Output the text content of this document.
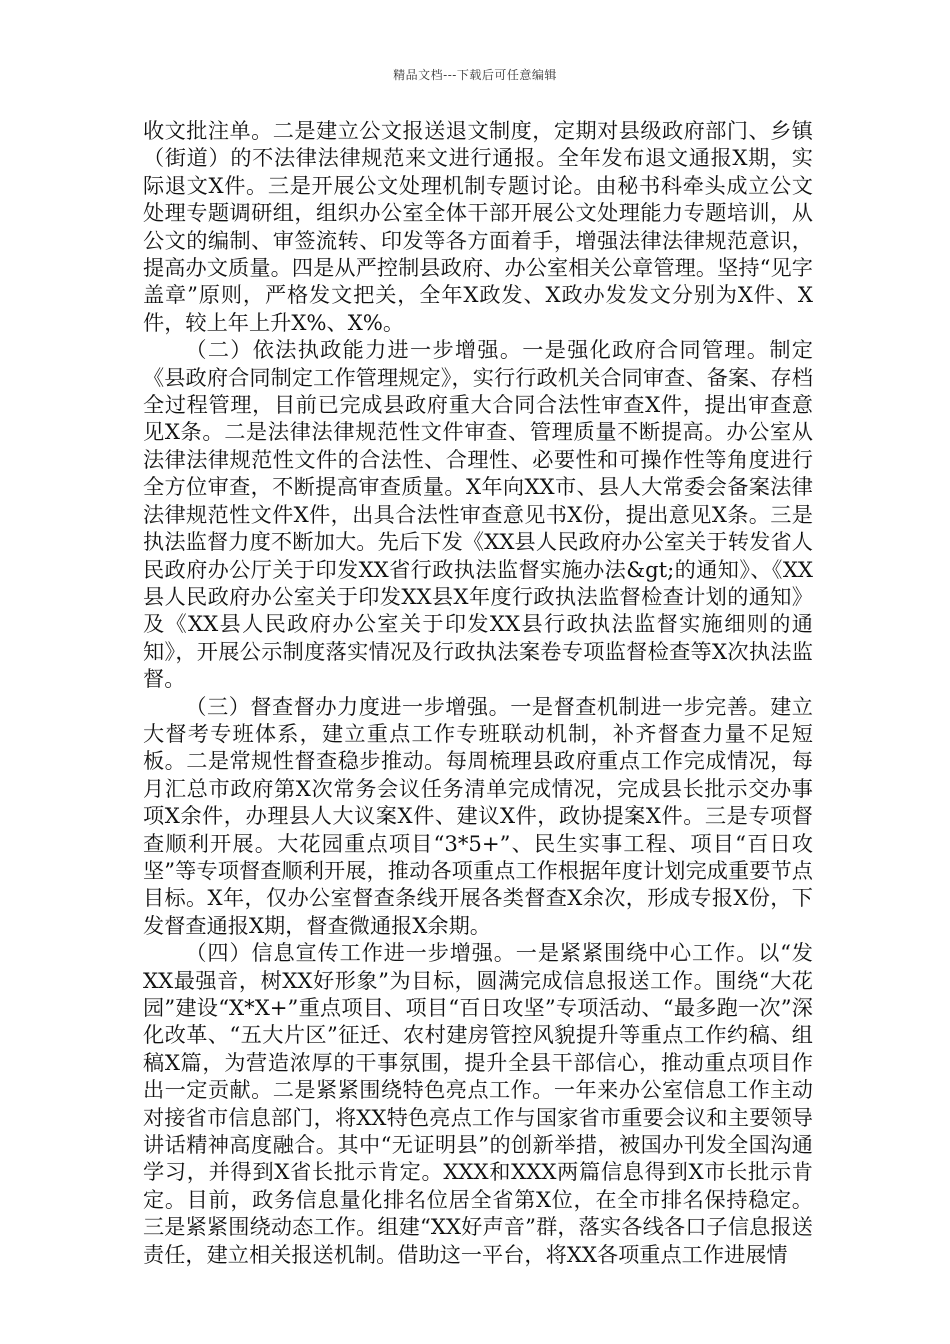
精品文档---下载后可任意编辑

收文批注单。二是建立公文报送退文制度，定期对县级政府部门、乡镇（街道）的不法律法律规范来文进行通报。全年发布退文通报X期，实际退文X件。三是开展公文处理机制专题讨论。由秘书科牵头成立公文处理专题调研组，组织办公室全体干部开展公文处理能力专题培训，从公文的编制、审签流转、印发等各方面着手，增强法律法律规范意识，提高办文质量。四是从严控制县政府、办公室相关公章管理。坚持“见字盖章”原则，严格发文把关，全年X政发、X政办发发文分别为X件、X件，较上年上升X%、X%。

（二）依法执政能力进一步增强。一是强化政府合同管理。制定《县政府合同制定工作管理规定》，实行行政机关合同审查、备案、存档全过程管理，目前已完成县政府重大合同合法性审查X件，提出审查意见X条。二是法律法律规范性文件审查、管理质量不断提高。办公室从法律法律规范性文件的合法性、合理性、必要性和可操作性等角度进行全方位审查，不断提高审查质量。X年向XX市、县人大常委会备案法律法律规范性文件X件，出具合法性审查意见书X份，提出意见X条。三是执法监督力度不断加大。先后下发《XX县人民政府办公室关于转发省人民政府办公厅关于印发XX省行政执法监督实施办法&gt;的通知》、《XX县人民政府办公室关于印发XX县X年度行政执法监督检查计划的通知》及《XX县人民政府办公室关于印发XX县行政执法监督实施细则的通知》，开展公示制度落实情况及行政执法案卷专项监督检查等X次执法监督。

（三）督查督办力度进一步增强。一是督查机制进一步完善。建立大督考专班体系，建立重点工作专班联动机制，补齐督查力量不足短板。二是常规性督查稳步推动。每周梳理县政府重点工作完成情况，每月汇总市政府第X次常务会议任务清单完成情况，完成县长批示交办事项X余件，办理县人大议案X件、建议X件，政协提案X件。三是专项督查顺利开展。大花园重点项目“3*5+”、民生实事工程、项目“百日攻坚”等专项督查顺利开展，推动各项重点工作根据年度计划完成重要节点目标。X年，仅办公室督查条线开展各类督查X余次，形成专报X份，下发督查通报X期，督查微通报X余期。

（四）信息宣传工作进一步增强。一是紧紧围绕中心工作。以“发XX最强音，树XX好形象”为目标，圆满完成信息报送工作。围绕“大花园”建设“X*X+”重点项目、项目“百日攻坚”专项活动、“最多跑一次”深化改革、“五大片区”征迁、农村建房管控风貌提升等重点工作约稿、组稿X篇，为营造浓厚的干事氛围，提升全县干部信心，推动重点项目作出一定贡献。二是紧紧围绕特色亮点工作。一年来办公室信息工作主动对接省市信息部门，将XX特色亮点工作与国家省市重要会议和主要领导讲话精神高度融合。其中“无证明县”的创新举措，被国办刊发全国沟通学习，并得到X省长批示肯定。XXX和XXX两篇信息得到X市长批示肯定。目前，政务信息量化排名位居全省第X位，在全市排名保持稳定。三是紧紧围绕动态工作。组建“XX好声音”群，落实各线各口子信息报送责任，建立相关报送机制。借助这一平台，将XX各项重点工作进展情
